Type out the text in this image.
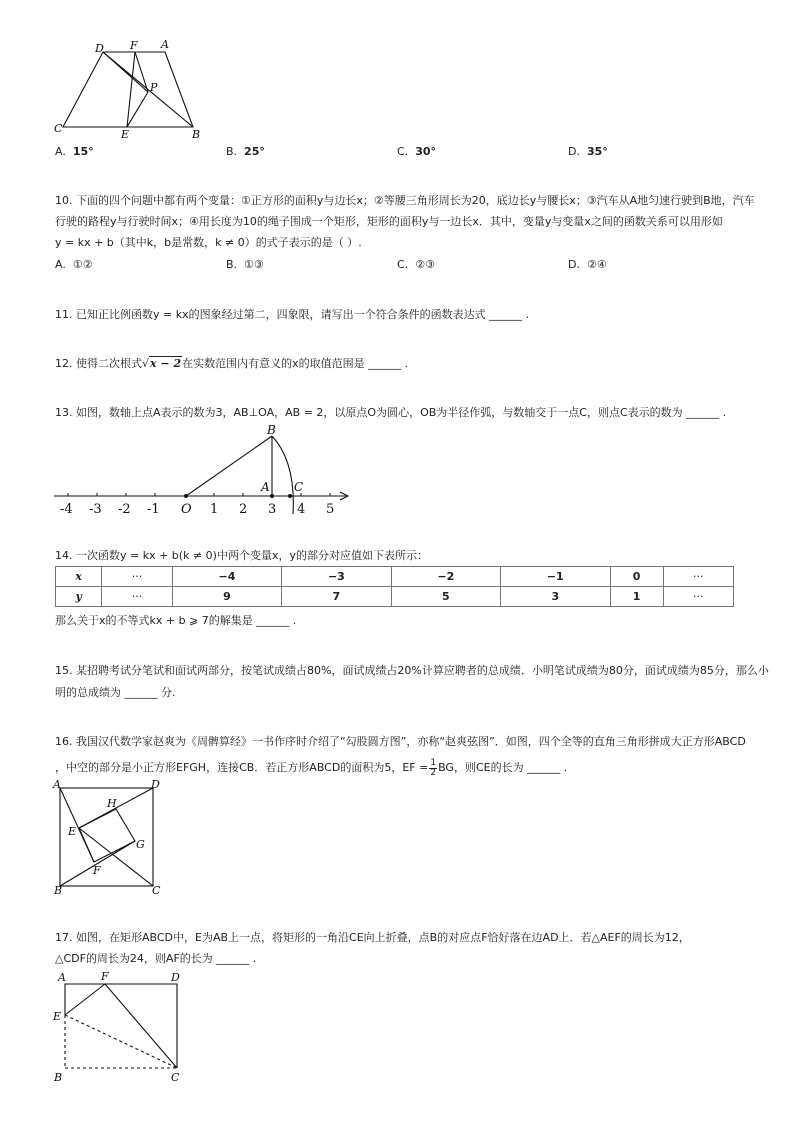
D F A
P
C	E	B
A. 15°	B. 25°	C. 30°	D. 35°
10. 下面的四个问题中都有两个变量：①正方形的面积y与边长x；②等腰三角形周长为20，底边长y与腰长x；③汽车从A地匀速行驶到B地，汽车
行驶的路程y与行驶时间x；④用长度为10的绳子围成一个矩形，矩形的面积y与一边长x．其中，变量y与变量x之间的函数关系可以用形如
y = kx + b（其中k，b是常数，k ≠ 0）的式子表示的是（ ）.
A. ①②	B. ①③	C. ②③	D. ②④
11. 已知正比例函数y = kx的图象经过第二，四象限，请写出一个符合条件的函数表达式 ______ .
12. 使得二次根式√x − 2在实数范围内有意义的x的取值范围是 ______ .
13. 如图，数轴上点A表示的数为3，AB⊥OA，AB = 2，以原点O为圆心，OB为半径作弧，与数轴交于一点C，则点C表示的数为 ______ .
B
A C
-4 -3 -2 -1 O 1 2 3 4 5
14. 一次函数y = kx + b(k ≠ 0)中两个变量x，y的部分对应值如下表所示：
x	···	−4	−3	−2	−1	0	···
y	···	9	7	5	3	1	···
那么关于x的不等式kx + b ⩾ 7的解集是 ______ .
15. 某招聘考试分笔试和面试两部分，按笔试成绩占80%，面试成绩占20%计算应聘者的总成绩．小明笔试成绩为80分，面试成绩为85分，那么小
明的总成绩为 ______ 分.
16. 我国汉代数学家赵爽为《周髀算经》一书作序时介绍了“勾股圆方图”，亦称“赵爽弦图”．如图，四个全等的直角三角形拼成大正方形ABCD
，中空的部分是小正方形EFGH，连接CB．若正方形ABCD的面积为5，EF = $\frac{1}{2}$ BG，则CE的长为 ______ .
A	D
H
E
G
F
B	C
17. 如图，在矩形ABCD中，E为AB上一点，将矩形的一角沿CE向上折叠，点B的对应点F恰好落在边AD上．若△AEF的周长为12，
△CDF的周长为24，则AF的长为 ______ .
A	F	D
E
B	C
